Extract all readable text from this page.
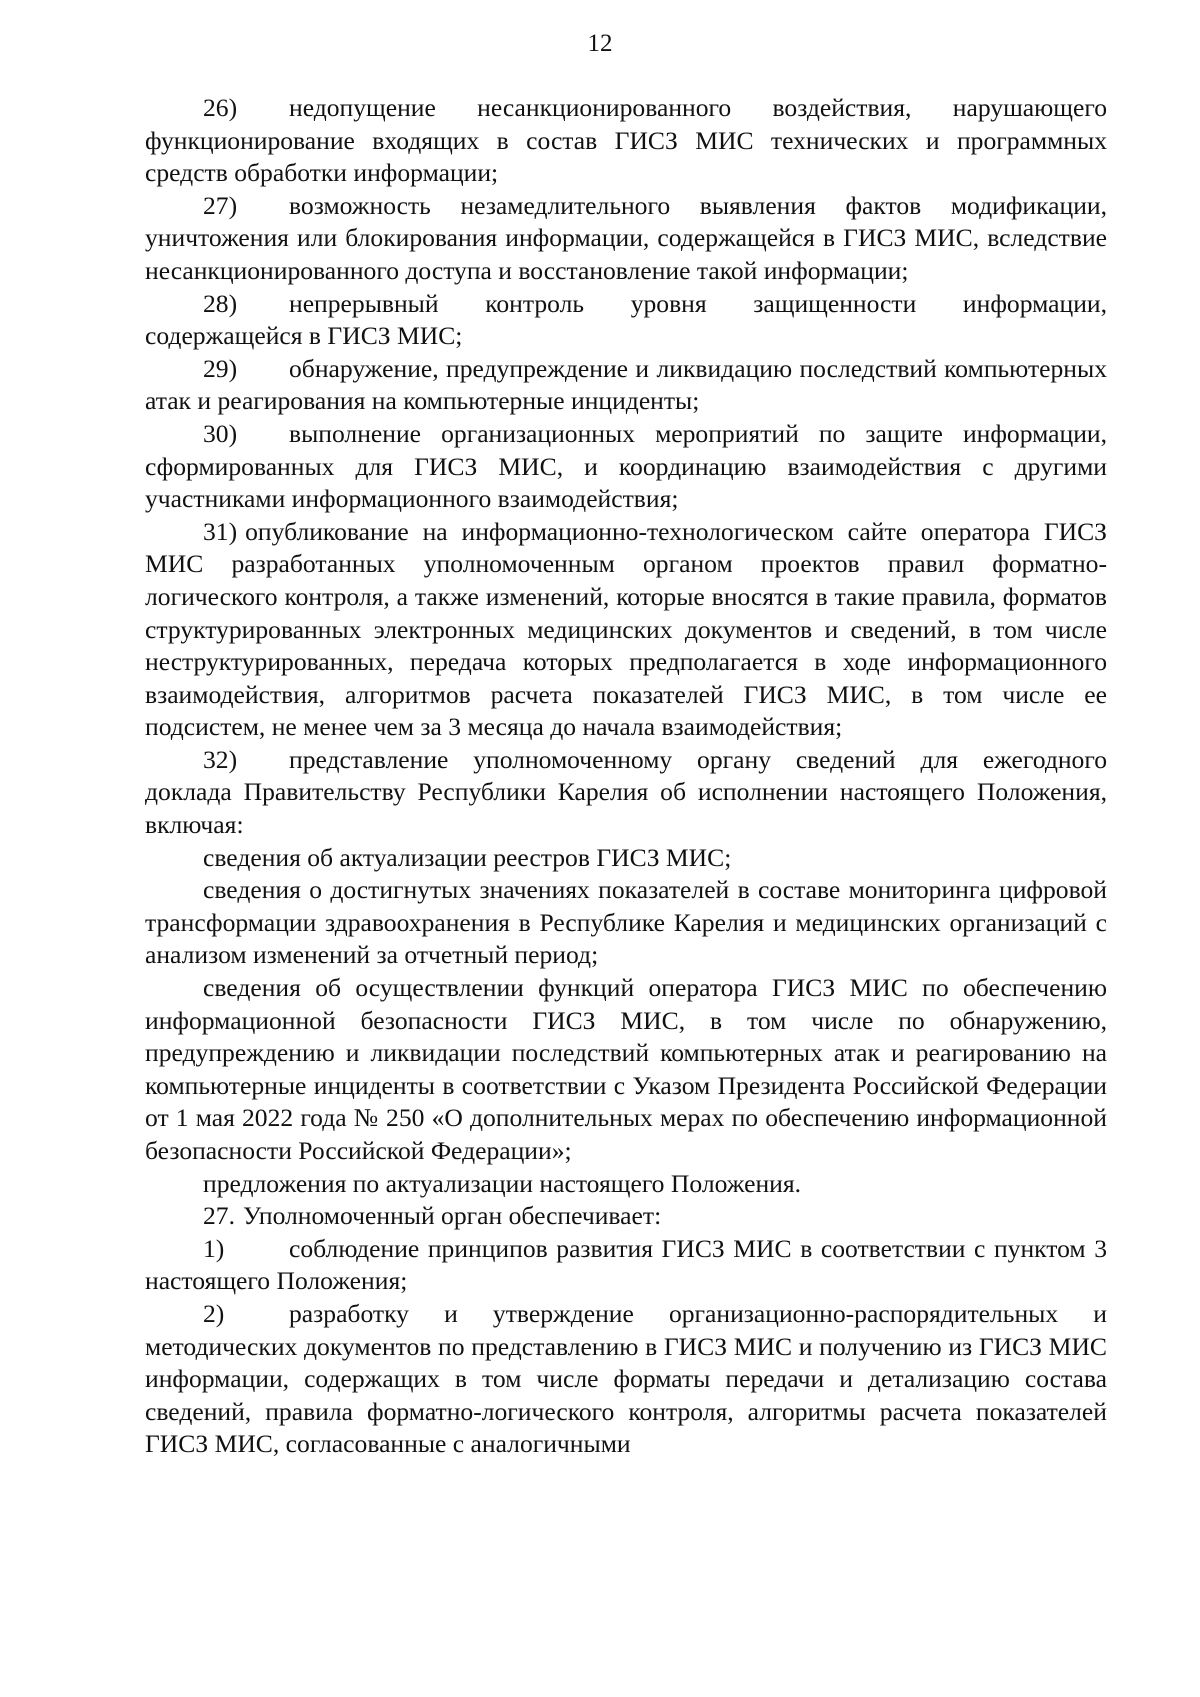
12

26) недопущение несанкционированного воздействия, нарушающего функционирование входящих в состав ГИСЗ МИС технических и программных средств обработки информации;

27) возможность незамедлительного выявления фактов модификации, уничтожения или блокирования информации, содержащейся в ГИСЗ МИС, вследствие несанкционированного доступа и восстановление такой информации;

28) непрерывный контроль уровня защищенности информации, содержащейся в ГИСЗ МИС;

29) обнаружение, предупреждение и ликвидацию последствий компьютерных атак и реагирования на компьютерные инциденты;

30) выполнение организационных мероприятий по защите информации, сформированных для ГИСЗ МИС, и координацию взаимодействия с другими участниками информационного взаимодействия;

31) опубликование на информационно-технологическом сайте оператора ГИСЗ МИС разработанных уполномоченным органом проектов правил форматно-логического контроля, а также изменений, которые вносятся в такие правила, форматов структурированных электронных медицинских документов и сведений, в том числе неструктурированных, передача которых предполагается в ходе информационного взаимодействия, алгоритмов расчета показателей ГИСЗ МИС, в том числе ее подсистем, не менее чем за 3 месяца до начала взаимодействия;

32) представление уполномоченному органу сведений для ежегодного доклада Правительству Республики Карелия об исполнении настоящего Положения, включая:

сведения об актуализации реестров ГИСЗ МИС;

сведения о достигнутых значениях показателей в составе мониторинга цифровой трансформации здравоохранения в Республике Карелия и медицинских организаций с анализом изменений за отчетный период;

сведения об осуществлении функций оператора ГИСЗ МИС по обеспечению информационной безопасности ГИСЗ МИС, в том числе по обнаружению, предупреждению и ликвидации последствий компьютерных атак и реагированию на компьютерные инциденты в соответствии с Указом Президента Российской Федерации от 1 мая 2022 года № 250 «О дополнительных мерах по обеспечению информационной безопасности Российской Федерации»;

предложения по актуализации настоящего Положения.

27. Уполномоченный орган обеспечивает:

1)	соблюдение принципов развития ГИСЗ МИС в соответствии с пунктом 3 настоящего Положения;

2)	разработку и утверждение организационно-распорядительных и методических документов по представлению в ГИСЗ МИС и получению из ГИСЗ МИС информации, содержащих в том числе форматы передачи и детализацию состава сведений, правила форматно-логического контроля, алгоритмы расчета показателей ГИСЗ МИС, согласованные с аналогичными
